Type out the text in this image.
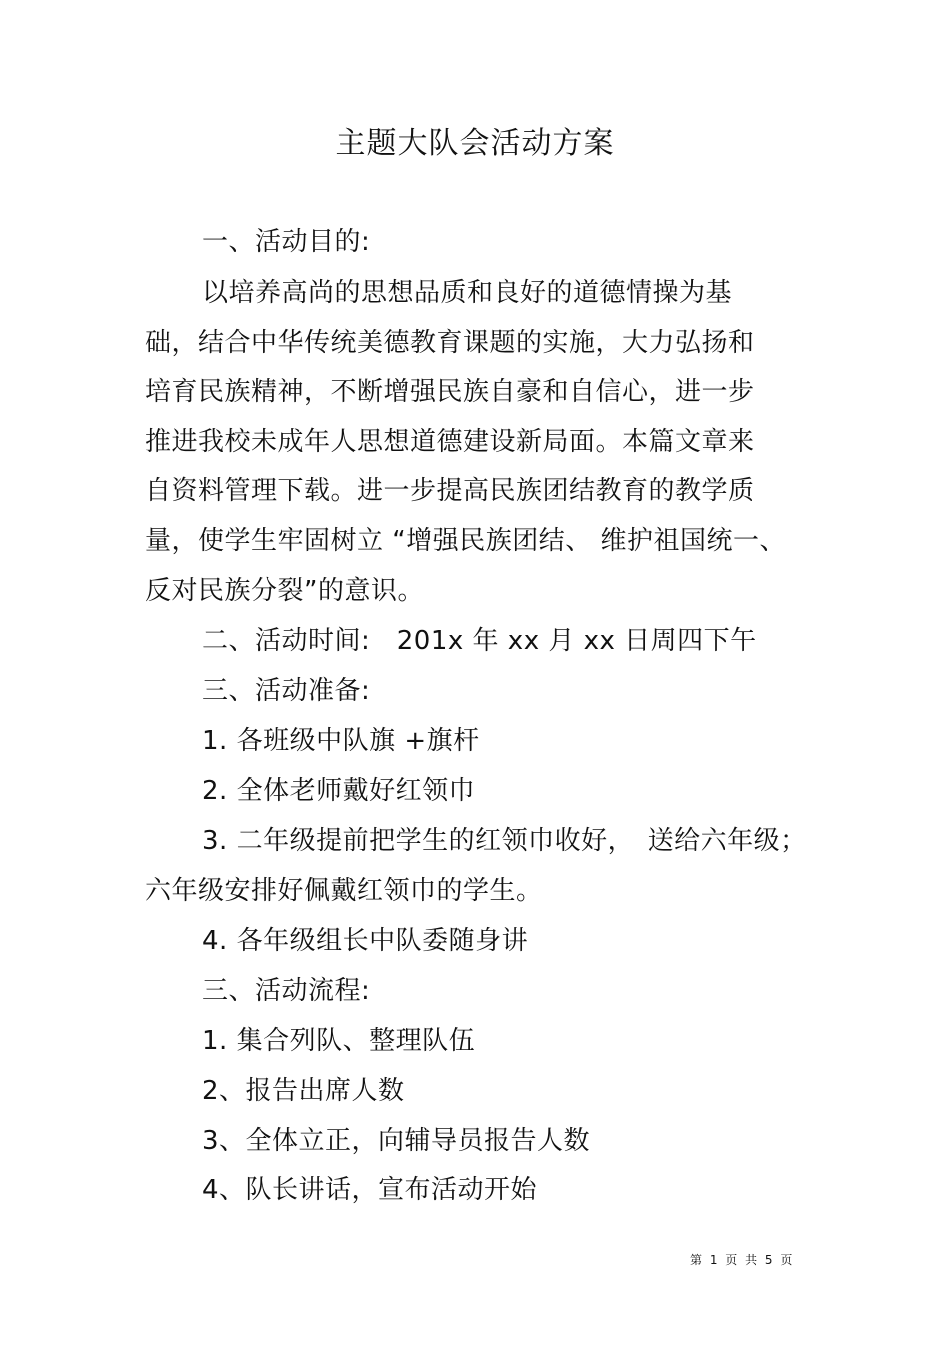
主题大队会活动方案
一、活动目的:
以培养高尚的思想品质和良好的道德情操为基
础，结合中华传统美德教育课题的实施，大力弘扬和
培育民族精神，不断增强民族自豪和自信心，进一步
推进我校未成年人思想道德建设新局面。本篇文章来
自资料管理下载。进一步提高民族团结教育的教学质
量，使学生牢固树立 “增强民族团结、 维护祖国统一、
反对民族分裂”的意识。
二、活动时间:　201x 年 xx 月 xx 日周四下午
三、活动准备:
1. 各班级中队旗 +旗杆
2. 全体老师戴好红领巾
3. 二年级提前把学生的红领巾收好，　送给六年级；
六年级安排好佩戴红领巾的学生。
4. 各年级组长中队委随身讲
三、活动流程:
1. 集合列队、整理队伍
2、报告出席人数
3、全体立正，向辅导员报告人数
4、队长讲话，宣布活动开始
第 1 页 共 5 页
